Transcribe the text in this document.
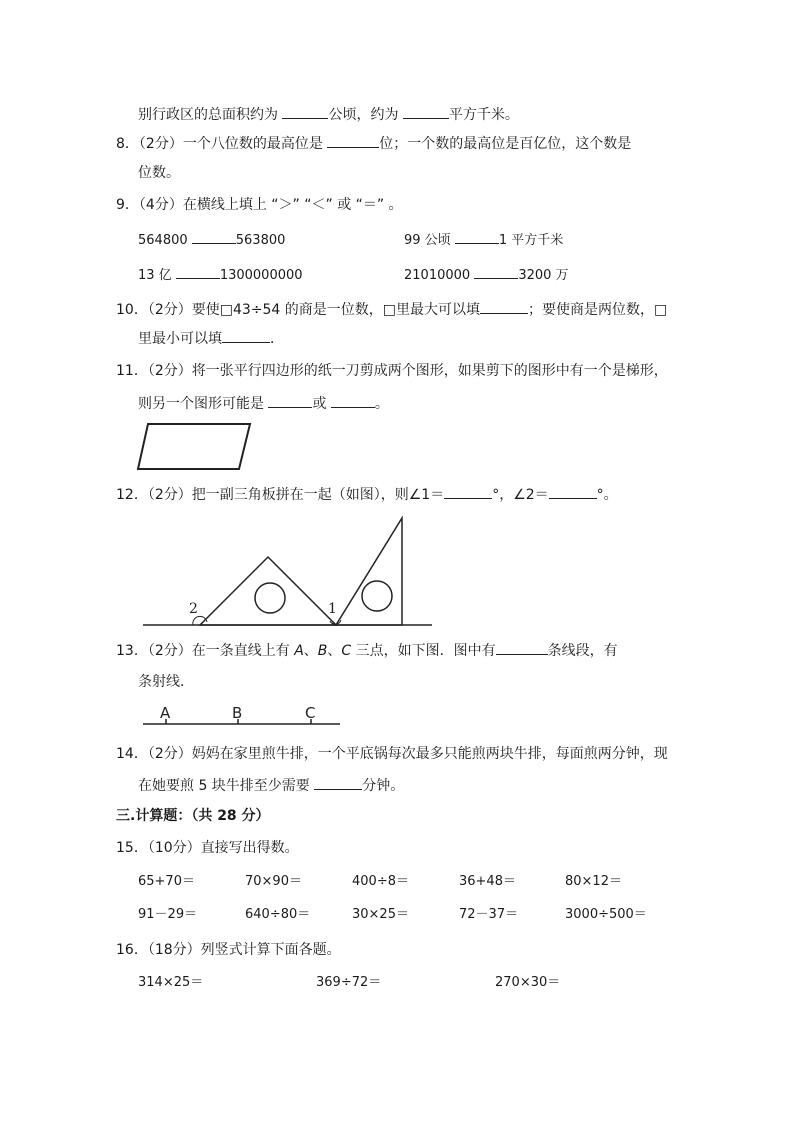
别行政区的总面积约为	公顷，约为	平方千米。
8．（2分）一个八位数的最高位是	位；一个数的最高位是百亿位，这个数是
位数。
9．（4分）在横线上填上 “＞” “＜” 或 “＝” 。
564800	563800	99 公顷	1 平方千米
13 亿	1300000000	21010000	3200 万
10．（2分）要使□43÷54 的商是一位数，□里最大可以填	；要使商是两位数，□
里最小可以填	．
11．（2分）将一张平行四边形的纸一刀剪成两个图形，如果剪下的图形中有一个是梯形，
则另一个图形可能是	或	。
12．（2分）把一副三角板拼在一起（如图），则∠1＝	°，∠2＝	°。
2	1
13．（2分）在一条直线上有 A、B、C 三点，如下图．图中有	条线段，有
条射线．
A	B	C
14．（2分）妈妈在家里煎牛排，一个平底锅每次最多只能煎两块牛排，每面煎两分钟，现
在她要煎 5 块牛排至少需要	分钟。
三.计算题：（共 28 分）
15．（10分）直接写出得数。
65+70＝	70×90＝	400÷8＝	36+48＝	80×12＝
91－29＝	640÷80＝	30×25＝	72－37＝	3000÷500＝
16．（18分）列竖式计算下面各题。
314×25＝	369÷72＝	270×30＝
